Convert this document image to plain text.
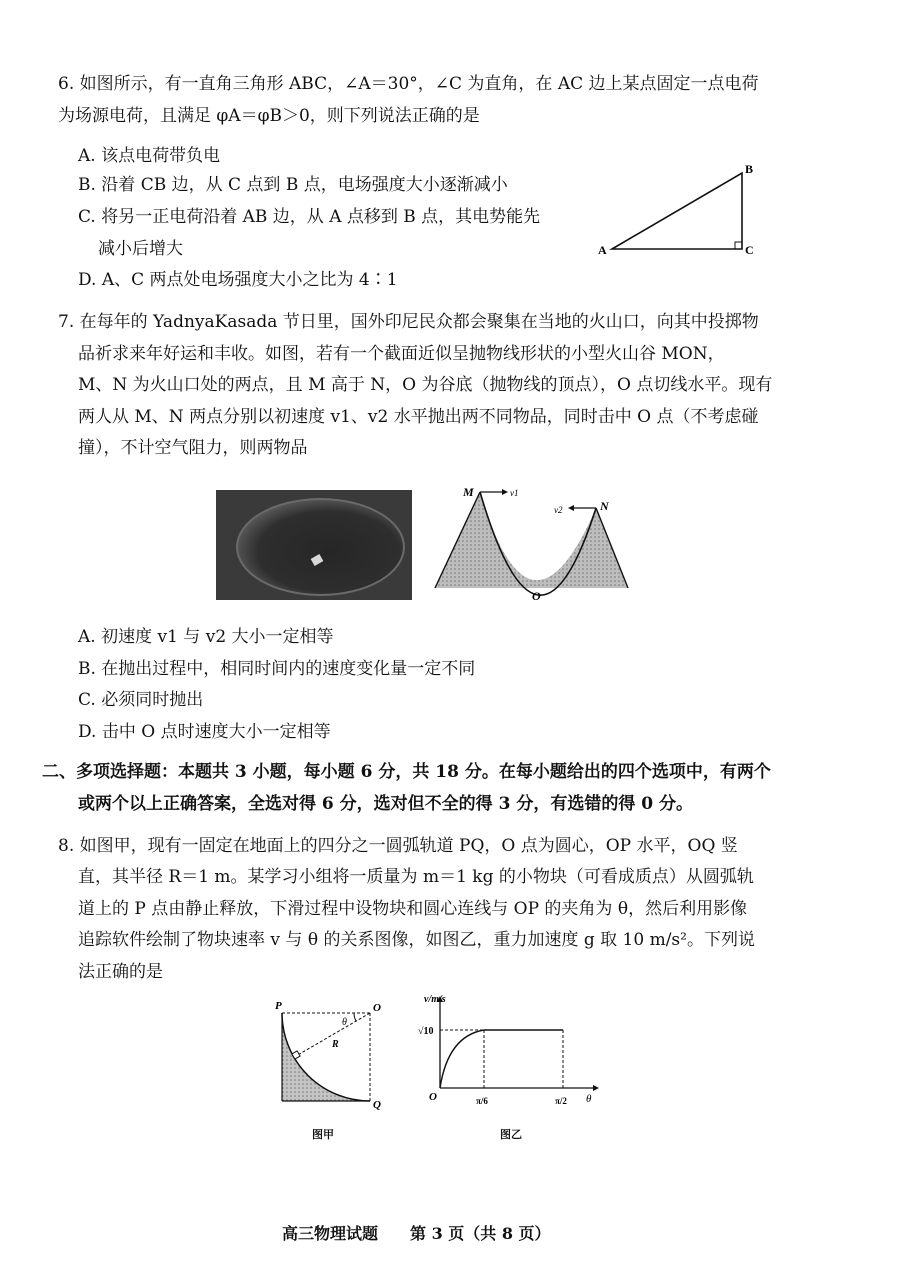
6. 如图所示，有一直角三角形 ABC，∠A＝30°，∠C 为直角，在 AC 边上某点固定一点电荷
为场源电荷，且满足 φA＝φB＞0，则下列说法正确的是
A. 该点电荷带负电
B. 沿着 CB 边，从 C 点到 B 点，电场强度大小逐渐减小
C. 将另一正电荷沿着 AB 边，从 A 点移到 B 点，其电势能先
减小后增大
D. A、C 两点处电场强度大小之比为 4∶1
A
B
C
7. 在每年的 YadnyaKasada 节日里，国外印尼民众都会聚集在当地的火山口，向其中投掷物
品祈求来年好运和丰收。如图，若有一个截面近似呈抛物线形状的小型火山谷 MON，
M、N 为火山口处的两点，且 M 高于 N，O 为谷底（抛物线的顶点），O 点切线水平。现有
两人从 M、N 两点分别以初速度 v1、v2 水平抛出两不同物品，同时击中 O 点（不考虑碰
撞），不计空气阻力，则两物品
M	v1
v2	N
O
A. 初速度 v1 与 v2 大小一定相等
B. 在抛出过程中，相同时间内的速度变化量一定不同
C. 必须同时抛出
D. 击中 O 点时速度大小一定相等
二、多项选择题：本题共 3 小题，每小题 6 分，共 18 分。在每小题给出的四个选项中，有两个
或两个以上正确答案，全选对得 6 分，选对但不全的得 3 分，有选错的得 0 分。
8. 如图甲，现有一固定在地面上的四分之一圆弧轨道 PQ，O 点为圆心，OP 水平，OQ 竖
直，其半径 R＝1 m。某学习小组将一质量为 m＝1 kg 的小物块（可看成质点）从圆弧轨
道上的 P 点由静止释放，下滑过程中设物块和圆心连线与 OP 的夹角为 θ，然后利用影像
追踪软件绘制了物块速率 v 与 θ 的关系图像，如图乙，重力加速度 g 取 10 m/s²。下列说
法正确的是
P	O
Q
θ
R
图甲
v/m/s
√10
O	π/6	π/2 θ
图乙
高三物理试题　　第 3 页（共 8 页）
